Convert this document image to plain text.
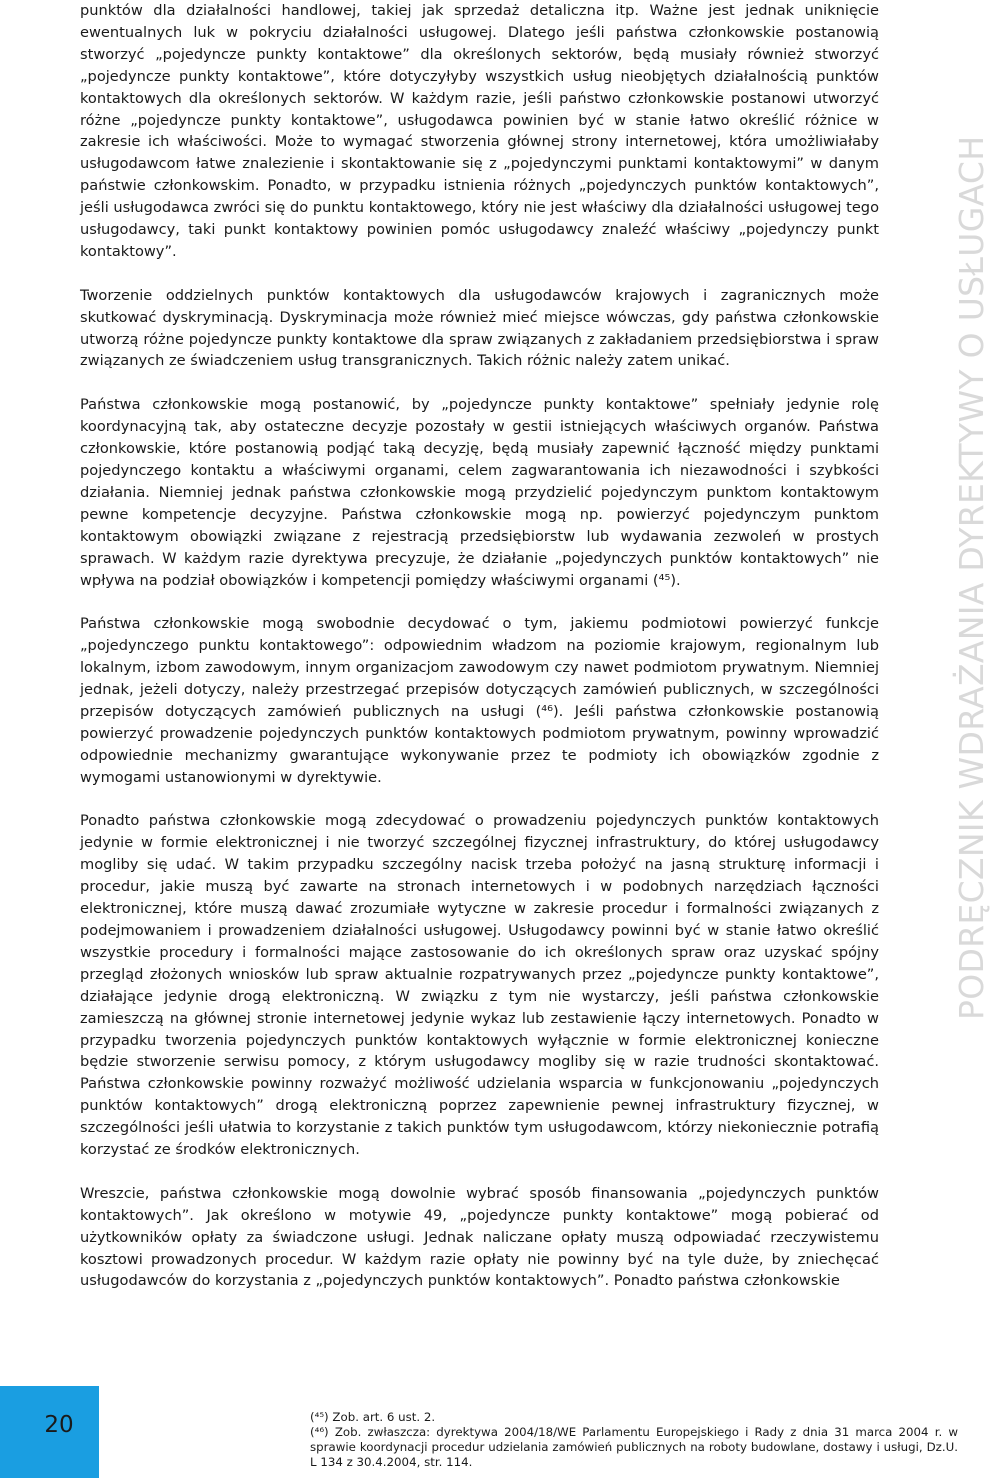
punktów dla działalności handlowej, takiej jak sprzedaż detaliczna itp. Ważne jest jednak uniknięcie ewentualnych luk w pokryciu działalności usługowej. Dlatego jeśli państwa członkowskie postanowią stworzyć „pojedyncze punkty kontaktowe” dla określonych sektorów, będą musiały również stworzyć „pojedyncze punkty kontaktowe”, które dotyczyłyby wszystkich usług nieobjętych działalnością punktów kontaktowych dla określonych sektorów. W każdym razie, jeśli państwo członkowskie postanowi utworzyć różne „pojedyncze punkty kontaktowe”, usługodawca powinien być w stanie łatwo określić różnice w zakresie ich właściwości. Może to wymagać stworzenia głównej strony internetowej, która umożliwiałaby usługodawcom łatwe znalezienie i skontaktowanie się z „pojedynczymi punktami kontaktowymi” w danym państwie członkowskim. Ponadto, w przypadku istnienia różnych „pojedynczych punktów kontaktowych”, jeśli usługodawca zwróci się do punktu kontaktowego, który nie jest właściwy dla działalności usługowej tego usługodawcy, taki punkt kontaktowy powinien pomóc usługodawcy znaleźć właściwy „pojedynczy punkt kontaktowy”.

Tworzenie oddzielnych punktów kontaktowych dla usługodawców krajowych i zagranicznych może skutkować dyskryminacją. Dyskryminacja może również mieć miejsce wówczas, gdy państwa członkowskie utworzą różne pojedyncze punkty kontaktowe dla spraw związanych z zakładaniem przedsiębiorstwa i spraw związanych ze świadczeniem usług transgranicznych. Takich różnic należy zatem unikać.

Państwa członkowskie mogą postanowić, by „pojedyncze punkty kontaktowe” spełniały jedynie rolę koordynacyjną tak, aby ostateczne decyzje pozostały w gestii istniejących właściwych organów. Państwa członkowskie, które postanowią podjąć taką decyzję, będą musiały zapewnić łączność między punktami pojedynczego kontaktu a właściwymi organami, celem zagwarantowania ich niezawodności i szybkości działania. Niemniej jednak państwa członkowskie mogą przydzielić pojedynczym punktom kontaktowym pewne kompetencje decyzyjne. Państwa członkowskie mogą np. powierzyć pojedynczym punktom kontaktowym obowiązki związane z rejestracją przedsiębiorstw lub wydawania zezwoleń w prostych sprawach. W każdym razie dyrektywa precyzuje, że działanie „pojedynczych punktów kontaktowych” nie wpływa na podział obowiązków i kompetencji pomiędzy właściwymi organami (⁴⁵).

Państwa członkowskie mogą swobodnie decydować o tym, jakiemu podmiotowi powierzyć funkcje „pojedynczego punktu kontaktowego”: odpowiednim władzom na poziomie krajowym, regionalnym lub lokalnym, izbom zawodowym, innym organizacjom zawodowym czy nawet podmiotom prywatnym. Niemniej jednak, jeżeli dotyczy, należy przestrzegać przepisów dotyczących zamówień publicznych, w szczególności przepisów dotyczących zamówień publicznych na usługi (⁴⁶). Jeśli państwa członkowskie postanowią powierzyć prowadzenie pojedynczych punktów kontaktowych podmiotom prywatnym, powinny wprowadzić odpowiednie mechanizmy gwarantujące wykonywanie przez te podmioty ich obowiązków zgodnie z wymogami ustanowionymi w dyrektywie.

Ponadto państwa członkowskie mogą zdecydować o prowadzeniu pojedynczych punktów kontaktowych jedynie w formie elektronicznej i nie tworzyć szczególnej fizycznej infrastruktury, do której usługodawcy mogliby się udać. W takim przypadku szczególny nacisk trzeba położyć na jasną strukturę informacji i procedur, jakie muszą być zawarte na stronach internetowych i w podobnych narzędziach łączności elektronicznej, które muszą dawać zrozumiałe wytyczne w zakresie procedur i formalności związanych z podejmowaniem i prowadzeniem działalności usługowej. Usługodawcy powinni być w stanie łatwo określić wszystkie procedury i formalności mające zastosowanie do ich określonych spraw oraz uzyskać spójny przegląd złożonych wniosków lub spraw aktualnie rozpatrywanych przez „pojedyncze punkty kontaktowe”, działające jedynie drogą elektroniczną. W związku z tym nie wystarczy, jeśli państwa członkowskie zamieszczą na głównej stronie internetowej jedynie wykaz lub zestawienie łączy internetowych. Ponadto w przypadku tworzenia pojedynczych punktów kontaktowych wyłącznie w formie elektronicznej konieczne będzie stworzenie serwisu pomocy, z którym usługodawcy mogliby się w razie trudności skontaktować. Państwa członkowskie powinny rozważyć możliwość udzielania wsparcia w funkcjonowaniu „pojedynczych punktów kontaktowych” drogą elektroniczną poprzez zapewnienie pewnej infrastruktury fizycznej, w szczególności jeśli ułatwia to korzystanie z takich punktów tym usługodawcom, którzy niekoniecznie potrafią korzystać ze środków elektronicznych.

Wreszcie, państwa członkowskie mogą dowolnie wybrać sposób finansowania „pojedynczych punktów kontaktowych”. Jak określono w motywie 49, „pojedyncze punkty kontaktowe” mogą pobierać od użytkowników opłaty za świadczone usługi. Jednak naliczane opłaty muszą odpowiadać rzeczywistemu kosztowi prowadzonych procedur. W każdym razie opłaty nie powinny być na tyle duże, by zniechęcać usługodawców do korzystania z „pojedynczych punktów kontaktowych”. Ponadto państwa członkowskie

PODRĘCZNIK WDRAŻANIA DYREKTYWY O USŁUGACH
20	(⁴⁵) Zob. art. 6 ust. 2.

(⁴⁶) Zob. zwłaszcza: dyrektywa 2004/18/WE Parlamentu Europejskiego i Rady z dnia 31 marca 2004 r. w sprawie koordynacji procedur udzielania zamówień publicznych na roboty budowlane, dostawy i usługi, Dz.U. L 134 z 30.4.2004, str. 114.
